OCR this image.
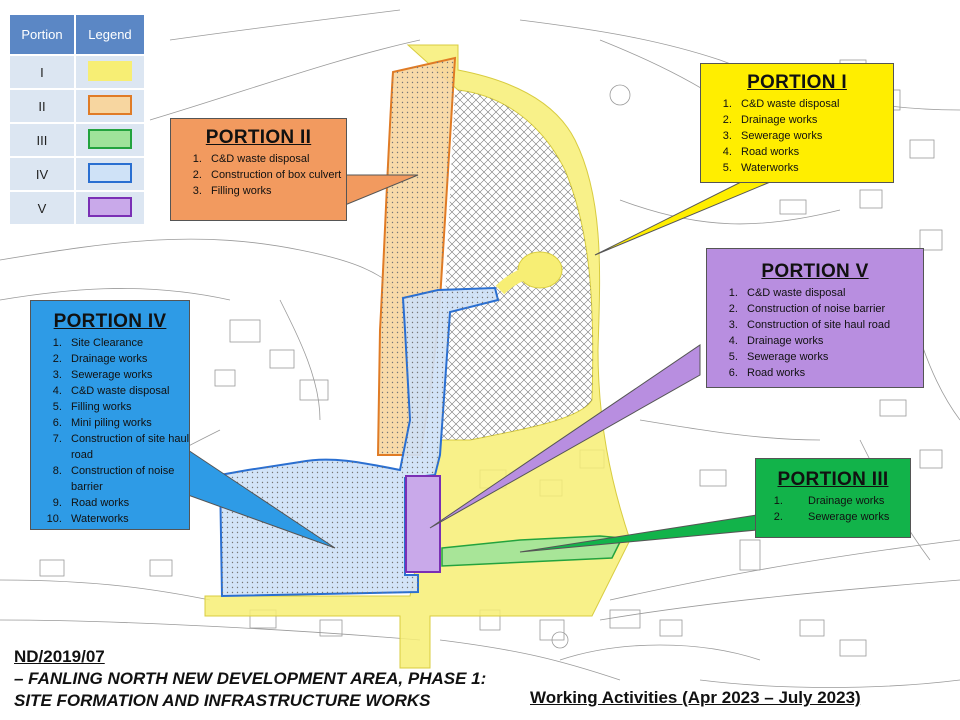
Portion	Legend
I	
II	
III	
IV	
V	
PORTION II
1. C&D waste disposal
2. Construction of box culvert
3. Filling works
PORTION I
1. C&D waste disposal
2. Drainage works
3. Sewerage works
4. Road works
5. Waterworks
PORTION V
1. C&D waste disposal
2. Construction of noise barrier
3. Construction of site haul road
4. Drainage works
5. Sewerage works
6. Road works
PORTION IV
1. Site Clearance
2. Drainage works
3. Sewerage works
4. C&D waste disposal
5. Filling works
6. Mini piling works
7. Construction of site haul road
8. Construction of noise barrier
9. Road works
10. Waterworks
PORTION III
1. Drainage works
2. Sewerage works
ND/2019/07
– FANLING NORTH NEW DEVELOPMENT AREA, PHASE 1:
SITE FORMATION AND INFRASTRUCTURE WORKS	Working Activities (Apr 2023 – July 2023)
